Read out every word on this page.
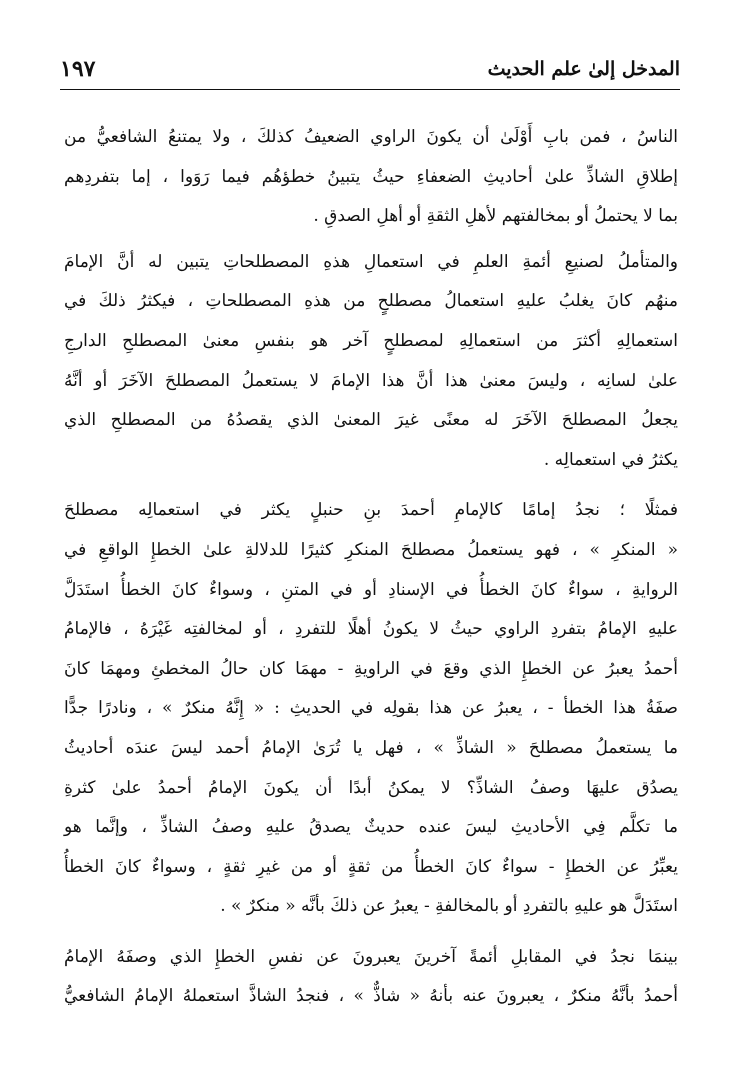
المدخل إلىٰ علم الحديث
١٩٧
الناسُ ، فمن بابِ أَوْلَىٰ أن يكونَ الراوي الضعيفُ كذلكَ ، ولا يمتنعُ الشافعيُّ من
إطلاقِ الشاذِّ علىٰ أحاديثِ الضعفاءِ حيثُ يتبينُ خطؤهُم فيما رَوَوا ، إما بتفردِهم
بما لا يحتملُ أو بمخالفتهم لأهلِ الثقةِ أو أهلِ الصدقِ .
والمتأملُ لصنيعِ أئمةِ العلمِ في استعمالِ هذهِ المصطلحاتِ يتبين له أنَّ الإمامَ
منهُم كانَ يغلبُ عليهِ استعمالُ مصطلحٍ من هذهِ المصطلحاتِ ، فيكثرُ ذلكَ في
استعمالِهِ أكثرَ من استعمالِهِ لمصطلحٍ آخر هو بنفسِ معنىٰ المصطلحِ الدارجِ
علىٰ لسانِه ، وليسَ معنىٰ هذا أنَّ هذا الإمامَ لا يستعملُ المصطلحَ الآخَرَ أو أنَّهُ
يجعلُ المصطلحَ الآخَرَ له معنًى غيرَ المعنىٰ الذي يقصدُهُ من المصطلحِ الذي
يكثرُ في استعمالِه .
فمثلًا ؛ نجدُ إمامًا كالإمامِ أحمدَ بنِ حنبلٍ يكثر في استعمالِه مصطلحَ
« المنكرِ » ، فهو يستعملُ مصطلحَ المنكرِ كثيرًا للدلالةِ علىٰ الخطإِ الواقعِ في
الروايةِ ، سواءٌ كانَ الخطأُ في الإسنادِ أو في المتنِ ، وسواءٌ كانَ الخطأُ استَدَلَّ
عليهِ الإمامُ بتفردِ الراوي حيثُ لا يكونُ أهلًا للتفردِ ، أو لمخالفتِه غَيْرَهُ ، فالإمامُ
أحمدُ يعبرُ عن الخطإِ الذي وقعَ في الراويةِ - مهمَا كان حالُ المخطئِ ومهمَا كانَ
صفَةُ هذا الخطأ - ، يعبرُ عن هذا بقولِه في الحديثِ : « إِنَّهُ منكرٌ » ، ونادرًا جدًّا
ما يستعملُ مصطلحَ « الشاذِّ » ، فهل يا تُرَىٰ الإمامُ أحمد ليسَ عندَه أحاديثُ
يصدُق عليهَا وصفُ الشاذِّ؟ لا يمكنُ أبدًا أن يكونَ الإمامُ أحمدُ علىٰ كثرةِ
ما تكلَّم فِي الأحاديثِ ليسَ عنده حديثٌ يصدقُ عليهِ وصفُ الشاذِّ ، وإنَّما هو
يعبِّرُ عن الخطإِ - سواءٌ كانَ الخطأُ من ثقةٍ أو من غيرِ ثقةٍ ، وسواءٌ كانَ الخطأُ
استَدَلَّ هو عليهِ بالتفردِ أو بالمخالفةِ - يعبرُ عن ذلكَ بأنَّه « منكرٌ » .
بينمَا نجدُ في المقابلِ أئمةً آخرينَ يعبرونَ عن نفسِ الخطإِ الذي وصفَهُ الإمامُ
أحمدُ بأنَّهُ منكرٌ ، يعبرونَ عنه بأنهُ « شاذٌّ » ، فنجدُ الشاذَّ استعملهُ الإمامُ الشافعيُّ
